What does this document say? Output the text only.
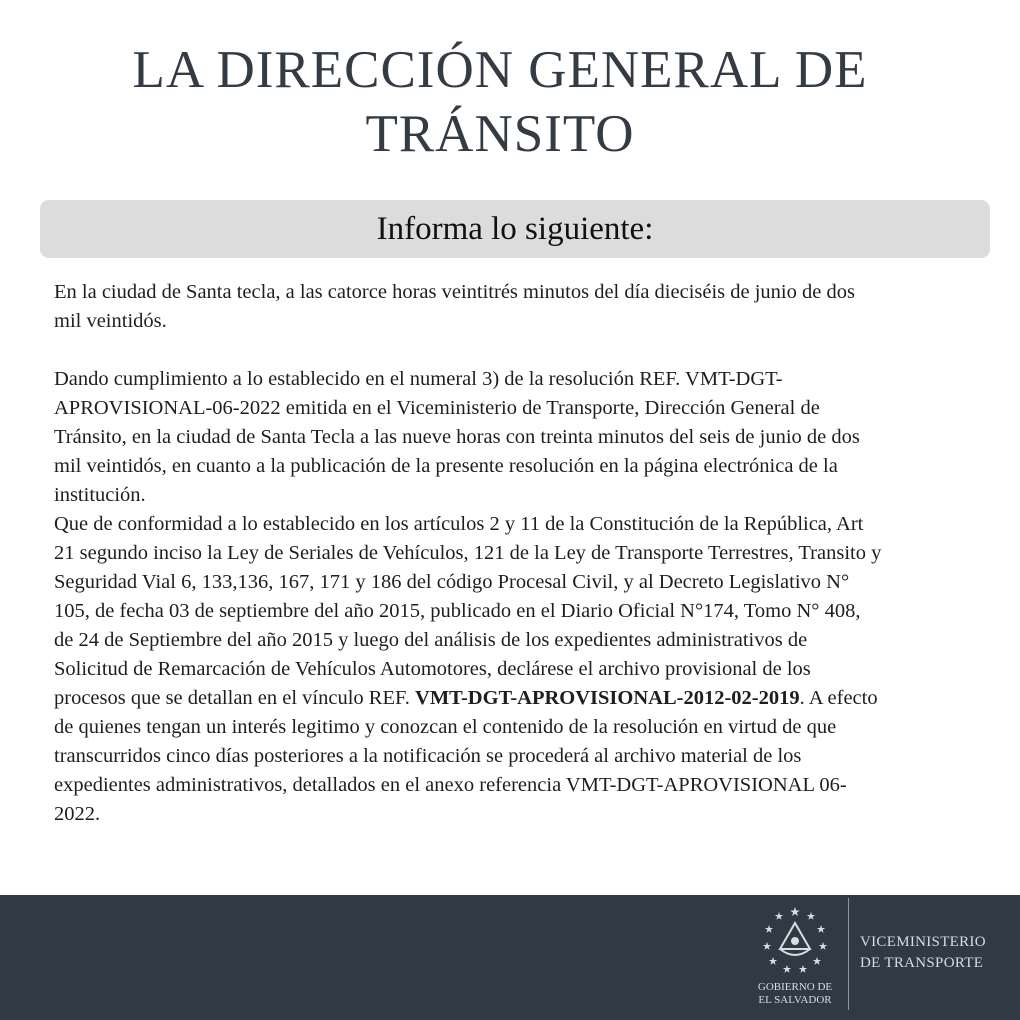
LA DIRECCIÓN GENERAL DE
TRÁNSITO
Informa lo siguiente:

En la ciudad de Santa tecla, a las catorce horas veintitrés minutos del día dieciséis de junio de dos mil veintidós.

Dando cumplimiento a lo establecido en el numeral 3) de la resolución REF. VMT-DGT-APROVISIONAL-06-2022 emitida en el Viceministerio de Transporte, Dirección General de Tránsito, en la ciudad de Santa Tecla a las nueve horas con treinta minutos del seis de junio de dos mil veintidós, en cuanto a la publicación de la presente resolución en la página electrónica de la institución.

Que de conformidad a lo establecido en los artículos 2 y 11 de la Constitución de la República, Art 21 segundo inciso la Ley de Seriales de Vehículos, 121 de la Ley de Transporte Terrestres, Transito y Seguridad Vial 6, 133,136, 167, 171 y 186 del código Procesal Civil, y al Decreto Legislativo N° 105, de fecha 03 de septiembre del año 2015, publicado en el Diario Oficial N°174, Tomo N° 408, de 24 de Septiembre del año 2015 y luego del análisis de los expedientes administrativos de Solicitud de Remarcación de Vehículos Automotores, declárese el archivo provisional de los procesos que se detallan en el vínculo REF. VMT-DGT-APROVISIONAL-2012-02-2019. A efecto de quienes tengan un interés legitimo y conozcan el contenido de la resolución en virtud de que transcurridos cinco días posteriores a la notificación se procederá al archivo material de los expedientes administrativos, detallados en el anexo referencia VMT-DGT-APROVISIONAL 06-2022.

GOBIERNO DE
EL SALVADOR
VICEMINISTERIO
DE TRANSPORTE
